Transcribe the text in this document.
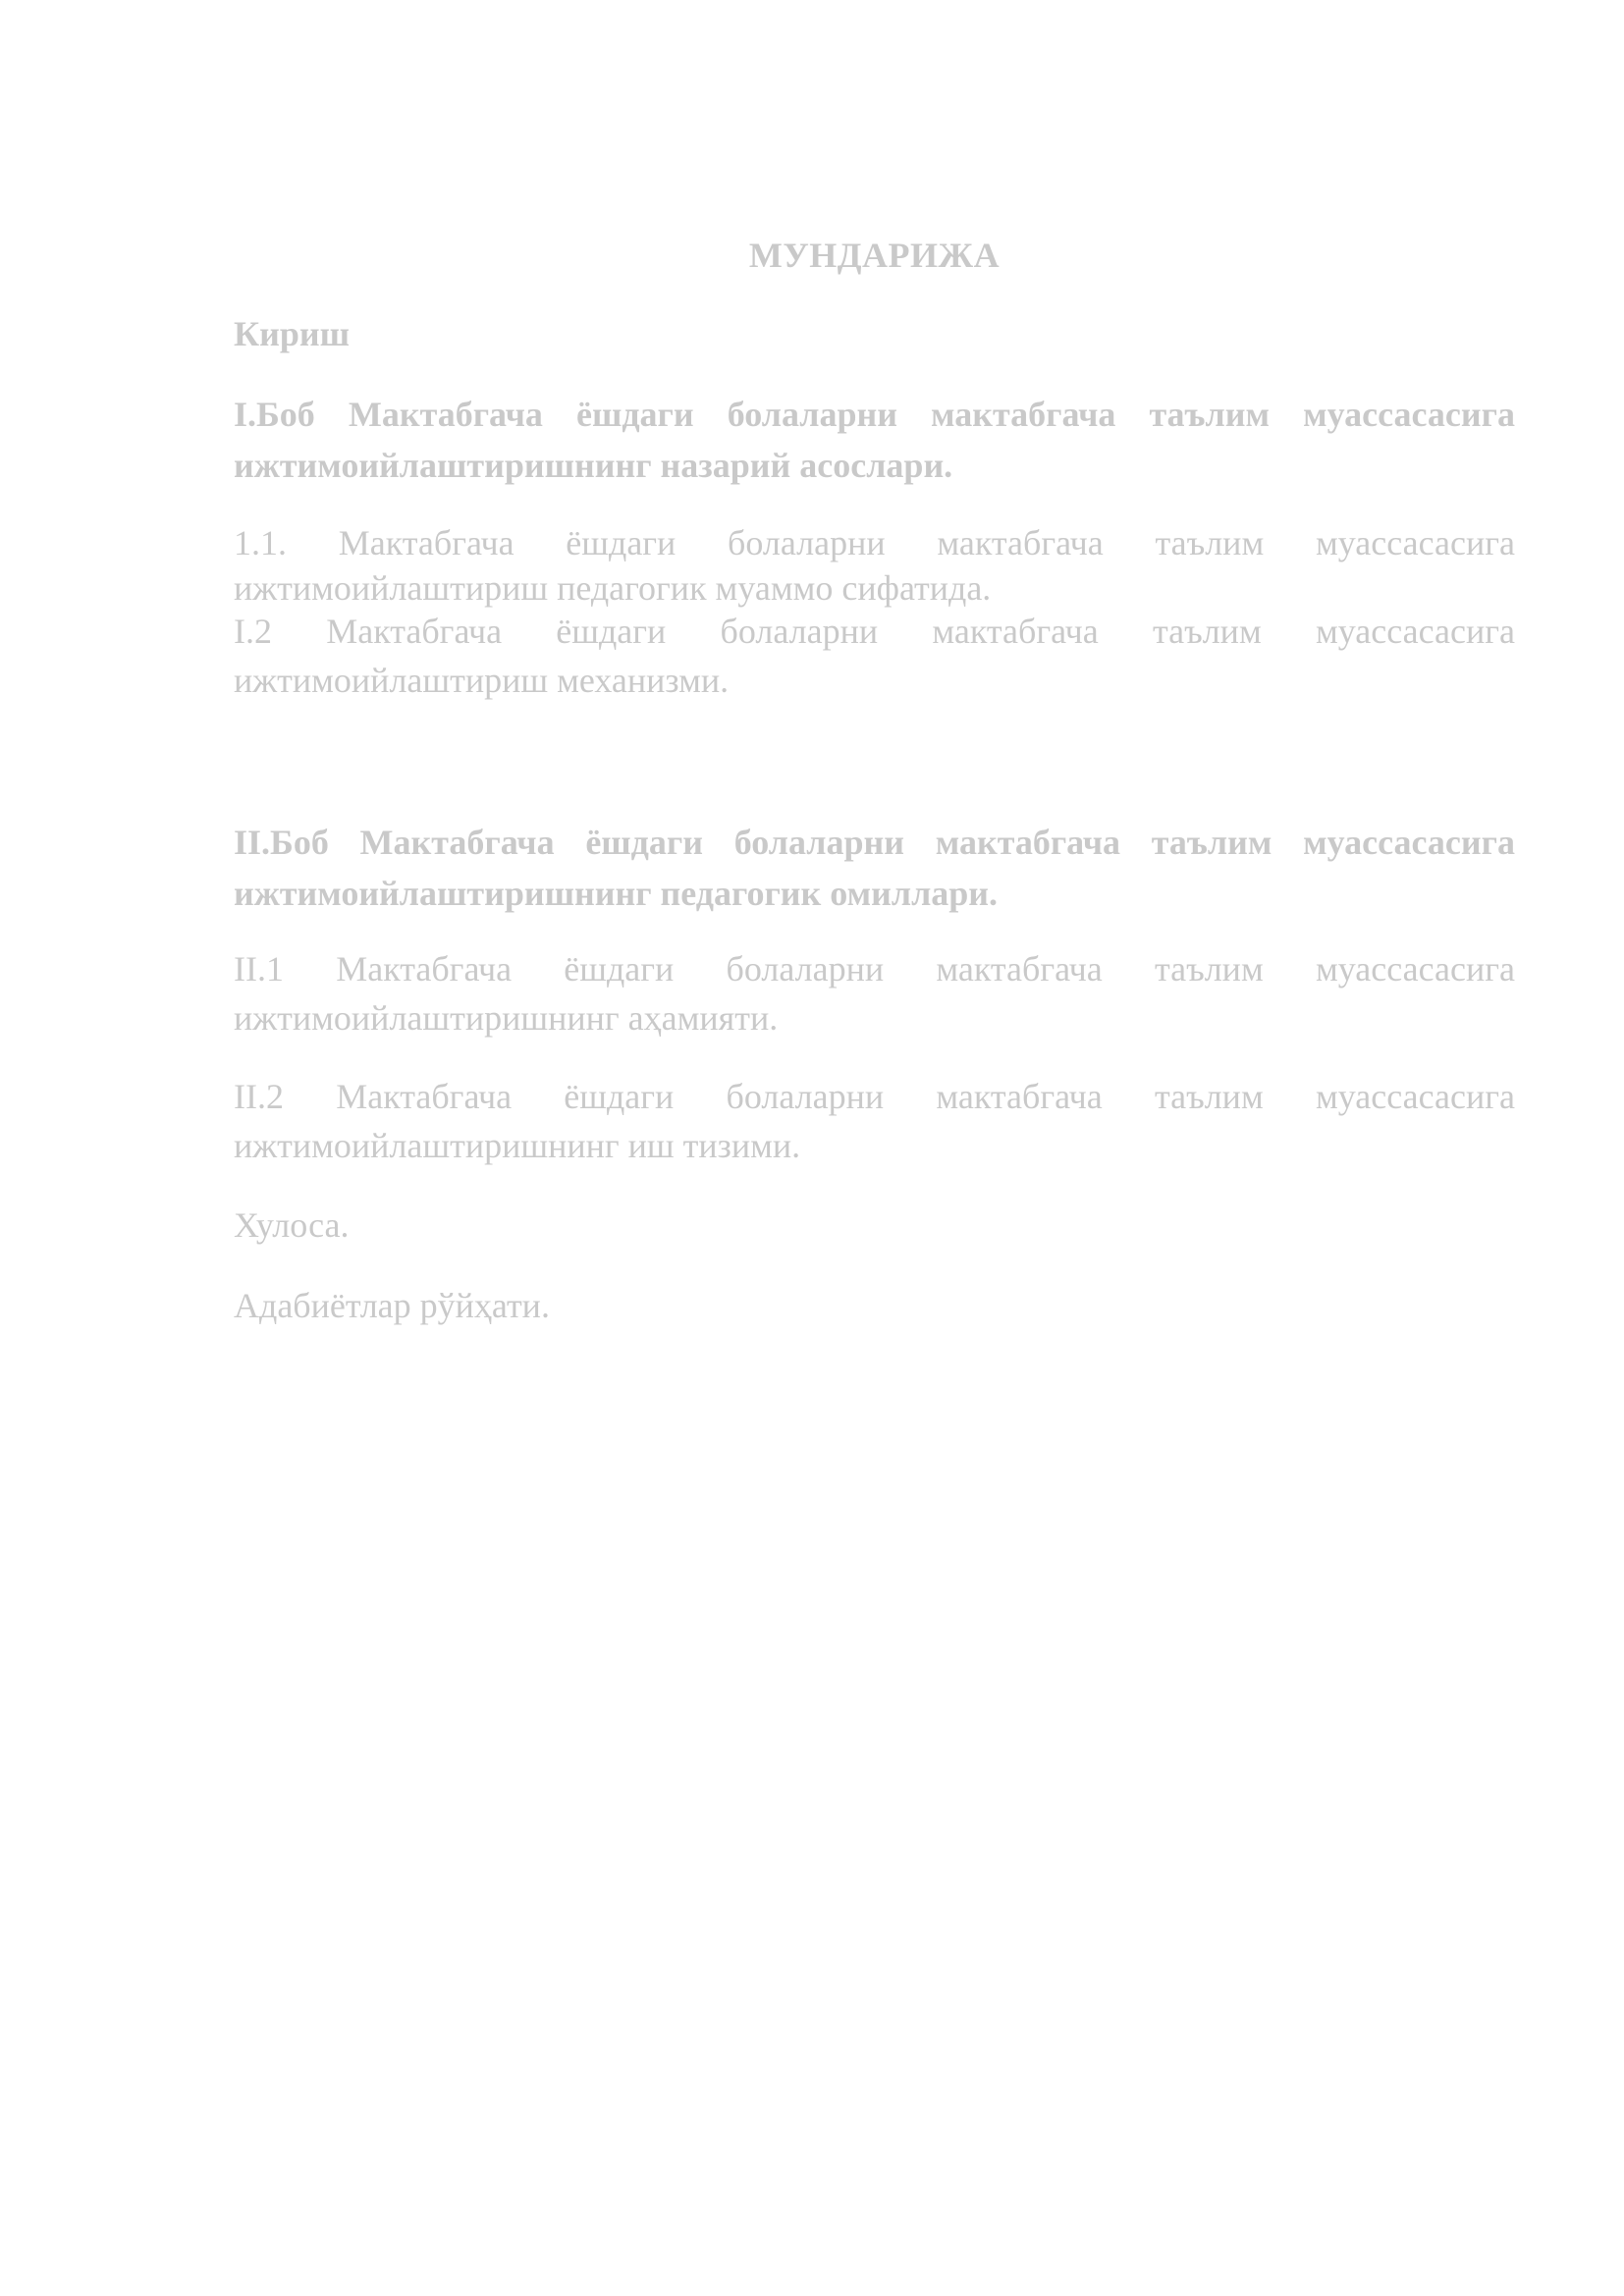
МУНДАРИЖА
Кириш
I.Боб Мактабгача ёшдаги болаларни мактабгача таълим муассасасига
ижтимоийлаштиришнинг назарий асослари.
1.1. Мактабгача ёшдаги болаларни мактабгача таълим муассасасига
ижтимоийлаштириш педагогик муаммо сифатида.
I.2 Мактабгача ёшдаги болаларни мактабгача таълим муассасасига
ижтимоийлаштириш механизми.
II.Боб Мактабгача ёшдаги болаларни мактабгача таълим муассасасига
ижтимоийлаштиришнинг педагогик омиллари.
II.1 Мактабгача ёшдаги болаларни мактабгача таълим муассасасига
ижтимоийлаштиришнинг аҳамияти.
II.2 Мактабгача ёшдаги болаларни мактабгача таълим муассасасига
ижтимоийлаштиришнинг иш тизими.
Хулоса.
Адабиётлар рўйҳати.
